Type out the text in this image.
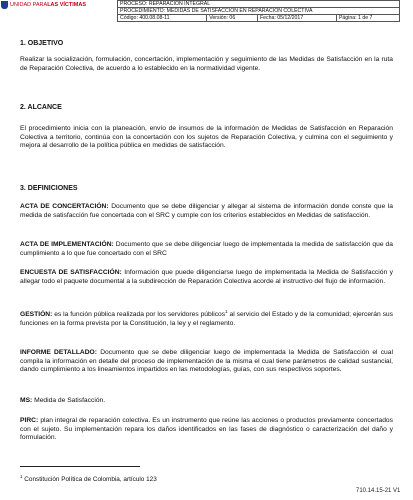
UNIDAD PARA LAS VÍCTIMAS	PROCESO: REPARACIÓN INTEGRAL
PROCEDIMIENTO: MEDIDAS DE SATISFACCIÓN EN REPARACIÓN COLECTIVA
Código: 400.08.08-11	Versión: 06	Fecha: 05/12/2017	Página: 1 de 7
1. OBJETIVO
Realizar la socialización, formulación, concertación, implementación y seguimiento de las Medidas de Satisfacción en la ruta de Reparación Colectiva, de acuerdo a lo establecido en la normatividad vigente.
2. ALCANCE
El procedimiento inicia con la planeación, envío de insumos de la información de Medidas de Satisfacción en Reparación Colectiva a territorio, continúa con la concertación con los sujetos de Reparación Colectiva, y culmina con el seguimiento y mejora al desarrollo de la política pública en medidas de satisfacción.
3. DEFINICIONES
ACTA DE CONCERTACIÓN: Documento que se debe diligenciar y allegar al sistema de información donde conste que la medida de satisfacción fue concertada con el SRC y cumple con los criterios establecidos en Medidas de satisfacción.
ACTA DE IMPLEMENTACIÓN: Documento que se debe diligenciar luego de implementada la medida de satisfacción que da cumplimiento a lo que fue concertado con el SRC
ENCUESTA DE SATISFACCIÓN: Información que puede diligenciarse luego de implementada la Medida de Satisfacción y allegar todo el paquete documental a la subdirección de Reparación Colectiva acorde al instructivo del flujo de información.
GESTIÓN: es la función pública realizada por los servidores públicos$^1$ al servicio del Estado y de la comunidad; ejercerán sus funciones en la forma prevista por la Constitución, la ley y el reglamento.
INFORME DETALLADO: Documento que se debe diligenciar luego de implementada la Medida de Satisfacción el cual compila la información en detalle del proceso de implementación de la misma el cual tiene parámetros de calidad sustancial, dando cumplimiento a los lineamientos impartidos en las metodologías, guías, con sus respectivos soportes.
MS: Medida de Satisfacción.
PIRC: plan integral de reparación colectiva. Es un instrumento que reúne las acciones o productos previamente concertados con el sujeto. Su implementación repara los daños identificados en las fases de diagnóstico o caracterización del daño y formulación.
$^1$ Constitución Política de Colombia, artículo 123
710.14.15-21 V1
